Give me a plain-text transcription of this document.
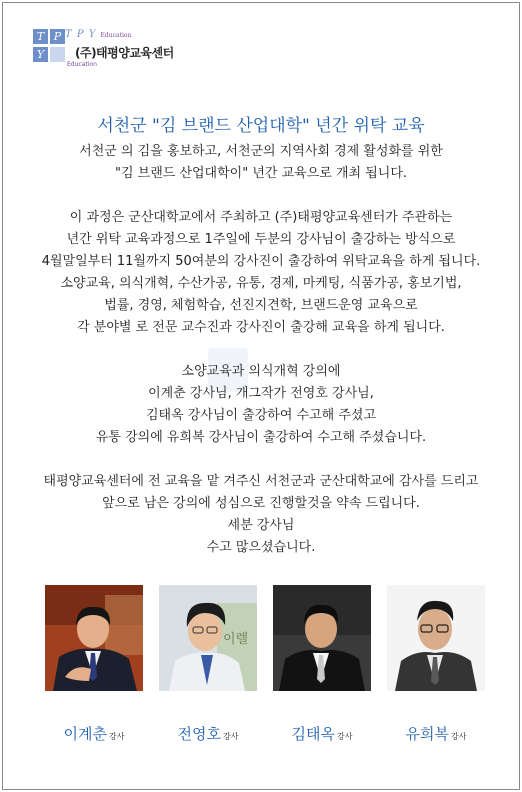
T P
Y
T P Y Education
(주)태평양교육센터
Education
서천군 "김 브랜드 산업대학" 년간 위탁 교육

서천군 의 김을 홍보하고, 서천군의 지역사회 경제 활성화를 위한

"김 브랜드 산업대학이" 년간 교육으로 개최 됩니다.

이 과정은 군산대학교에서 주최하고 (주)태평양교육센터가 주관하는

년간 위탁 교육과정으로 1주일에 두분의 강사님이 출강하는 방식으로

4월말일부터 11월까지 50여분의 강사진이 출강하여 위탁교육을 하게 됩니다.

소양교육, 의식개혁, 수산가공, 유통, 경제, 마케팅, 식품가공, 홍보기법,

법률, 경영, 체험학습, 선진지견학, 브랜드운영 교육으로

각 분야별 로 전문 교수진과 강사진이 출강해 교육을 하게 됩니다.

소양교육과 의식개혁 강의에

이계춘 강사님, 개그작가 전영호 강사님,

김태옥 강사님이 출강하여 수고해 주셨고

유통 강의에 유희복 강사님이 출강하여 수고해 주셨습니다.

태평양교육센터에 전 교육을 맡 겨주신 서천군과 군산대학교에 감사를 드리고

앞으로 남은 강의에 성심으로 진행할것을 약속 드립니다.

세분 강사님

수고 많으셨습니다.

이렐
이계춘 강사	전영호 강사	김태옥 강사	유희복 강사
